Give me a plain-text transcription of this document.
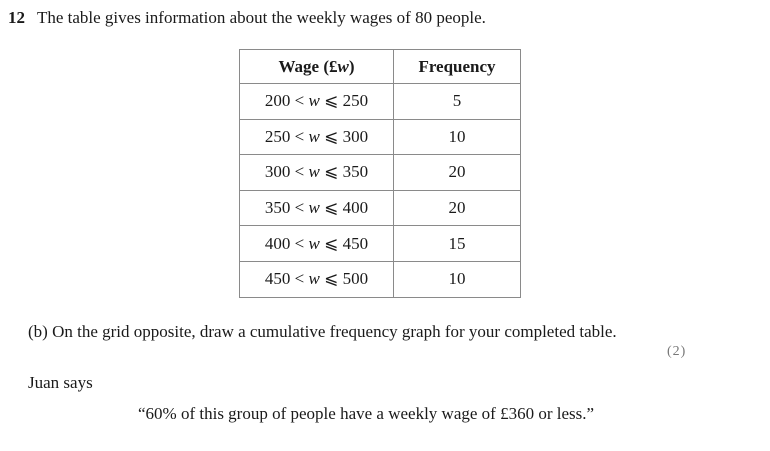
12 The table gives information about the weekly wages of 80 people.
Wage (£w)	Frequency
200 < w ⩽ 250	5
250 < w ⩽ 300	10
300 < w ⩽ 350	20
350 < w ⩽ 400	20
400 < w ⩽ 450	15
450 < w ⩽ 500	10
(b) On the grid opposite, draw a cumulative frequency graph for your completed table.
(2)
Juan says
“60% of this group of people have a weekly wage of £360 or less.”
